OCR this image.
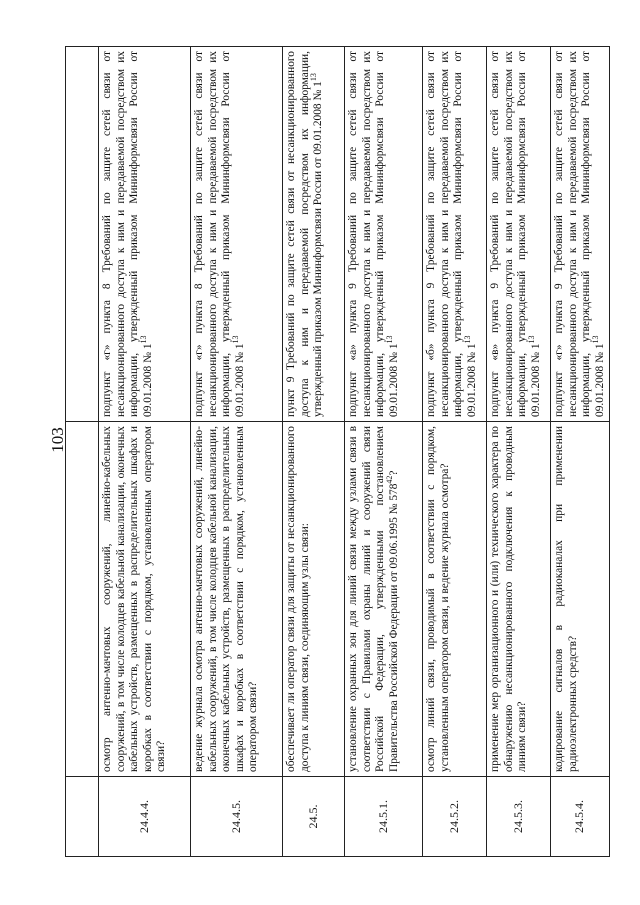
103

24.4.4.	осмотр антенно-мачтовых сооружений, линейно-кабельных сооружений, в том числе колодцев кабельной канализации, оконечных кабельных устройств, размещенных в распределительных шкафах и коробках в соответствии с порядком, установленным оператором связи?	подпункт «г» пункта 8 Требований по защите сетей связи от несанкционированного доступа к ним и передаваемой посредством их информации, утвержденный приказом Мининформсвязи России от 09.01.2008 № $1^{13}$
24.4.5.	ведение журнала осмотра антенно-мачтовых сооружений, линейно-кабельных сооружений, в том числе колодцев кабельной канализации, оконечных кабельных устройств, размещенных в распределительных шкафах и коробках в соответствии с порядком, установленным оператором связи?	подпункт «г» пункта 8 Требований по защите сетей связи от несанкционированного доступа к ним и передаваемой посредством их информации, утвержденный приказом Мининформсвязи России от 09.01.2008 № $1^{13}$
24.5.	обеспечивает ли оператор связи для защиты от несанкционированного доступа к линиям связи, соединяющим узлы связи:	пункт 9 Требований по защите сетей связи от несанкционированного доступа к ним и передаваемой посредством их информации, утвержденный приказом Мининформсвязи России от 09.01.2008 № $1^{13}$
24.5.1.	установление охранных зон для линий связи между узлами связи в соответствии с Правилами охраны линий и сооружений связи Российской Федерации, утвержденными постановлением Правительства Российской Федерации от 09.06.1995 № $578^{42}$?	подпункт «а» пункта 9 Требований по защите сетей связи от несанкционированного доступа к ним и передаваемой посредством их информации, утвержденный приказом Мининформсвязи России от 09.01.2008 № $1^{13}$
24.5.2.	осмотр линий связи, проводимый в соответствии с порядком, установленным оператором связи, и ведение журнала осмотра?	подпункт «б» пункта 9 Требований по защите сетей связи от несанкционированного доступа к ним и передаваемой посредством их информации, утвержденный приказом Мининформсвязи России от 09.01.2008 № $1^{13}$
24.5.3.	применение мер организационного и (или) технического характера по обнаружению несанкционированного подключения к проводным линиям связи?	подпункт «в» пункта 9 Требований по защите сетей связи от несанкционированного доступа к ним и передаваемой посредством их информации, утвержденный приказом Мининформсвязи России от 09.01.2008 № $1^{13}$
24.5.4.	кодирование сигналов в радиоканалах при применении радиоэлектронных средств?	подпункт «г» пункта 9 Требований по защите сетей связи от несанкционированного доступа к ним и передаваемой посредством их информации, утвержденный приказом Мининформсвязи России от 09.01.2008 № $1^{13}$
